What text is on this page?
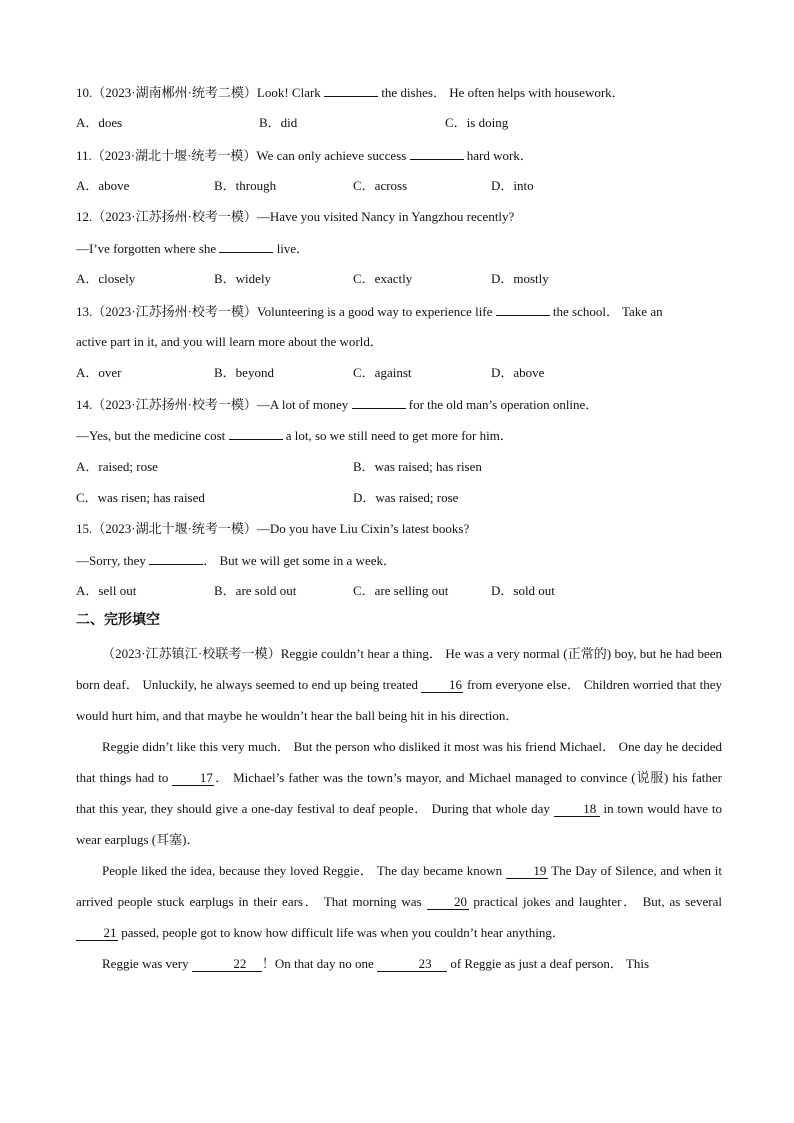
10.（2023·湖南郴州·统考二模）Look! Clark	the dishes． He often helps with housework．
A．does	B．did	C．is doing
11.（2023·湖北十堰·统考一模）We can only achieve success	hard work．
A．above	B．through	C．across	D．into
12.（2023·江苏扬州·校考一模）—Have you visited Nancy in Yangzhou recently?
—I’ve forgotten where she	live．
A．closely	B．widely	C．exactly	D．mostly
13.（2023·江苏扬州·校考一模）Volunteering is a good way to experience life	the school． Take an
active part in it, and you will learn more about the world．
A．over	B．beyond	C．against	D．above
14.（2023·江苏扬州·校考一模）—A lot of money	for the old man’s operation online．
—Yes, but the medicine cost	a lot, so we still need to get more for him．
A．raised; rose	B．was raised; has risen
C．was risen; has raised	D．was raised; rose
15.（2023·湖北十堰·统考一模）—Do you have Liu Cixin’s latest books?
—Sorry, they	． But we will get some in a week．
A．sell out	B．are sold out	C．are selling out	D．sold out
二、完形填空

（2023·江苏镇江·校联考一模）Reggie couldn’t hear a thing． He was a very normal (正常的) boy, but he had been born deaf． Unluckily, he always seemed to end up being treated 16 from everyone else． Children worried that they would hurt him, and that maybe he wouldn’t hear the ball being hit in his direction．

Reggie didn’t like this very much． But the person who disliked it most was his friend Michael． One day he decided that things had to 17 ． Michael’s father was the town’s mayor, and Michael managed to convince (说服) his father that this year, they should give a one-day festival to deaf people． During that whole day 18 in town would have to wear earplugs (耳塞)．

People liked the idea, because they loved Reggie． The day became known 19 The Day of Silence, and when it arrived people stuck earplugs in their ears． That morning was 20 practical jokes and laughter． But, as several 21 passed, people got to know how difficult life was when you couldn’t hear anything．

Reggie was very	22 ！On that day no one	23 of Reggie as just a deaf person． This
